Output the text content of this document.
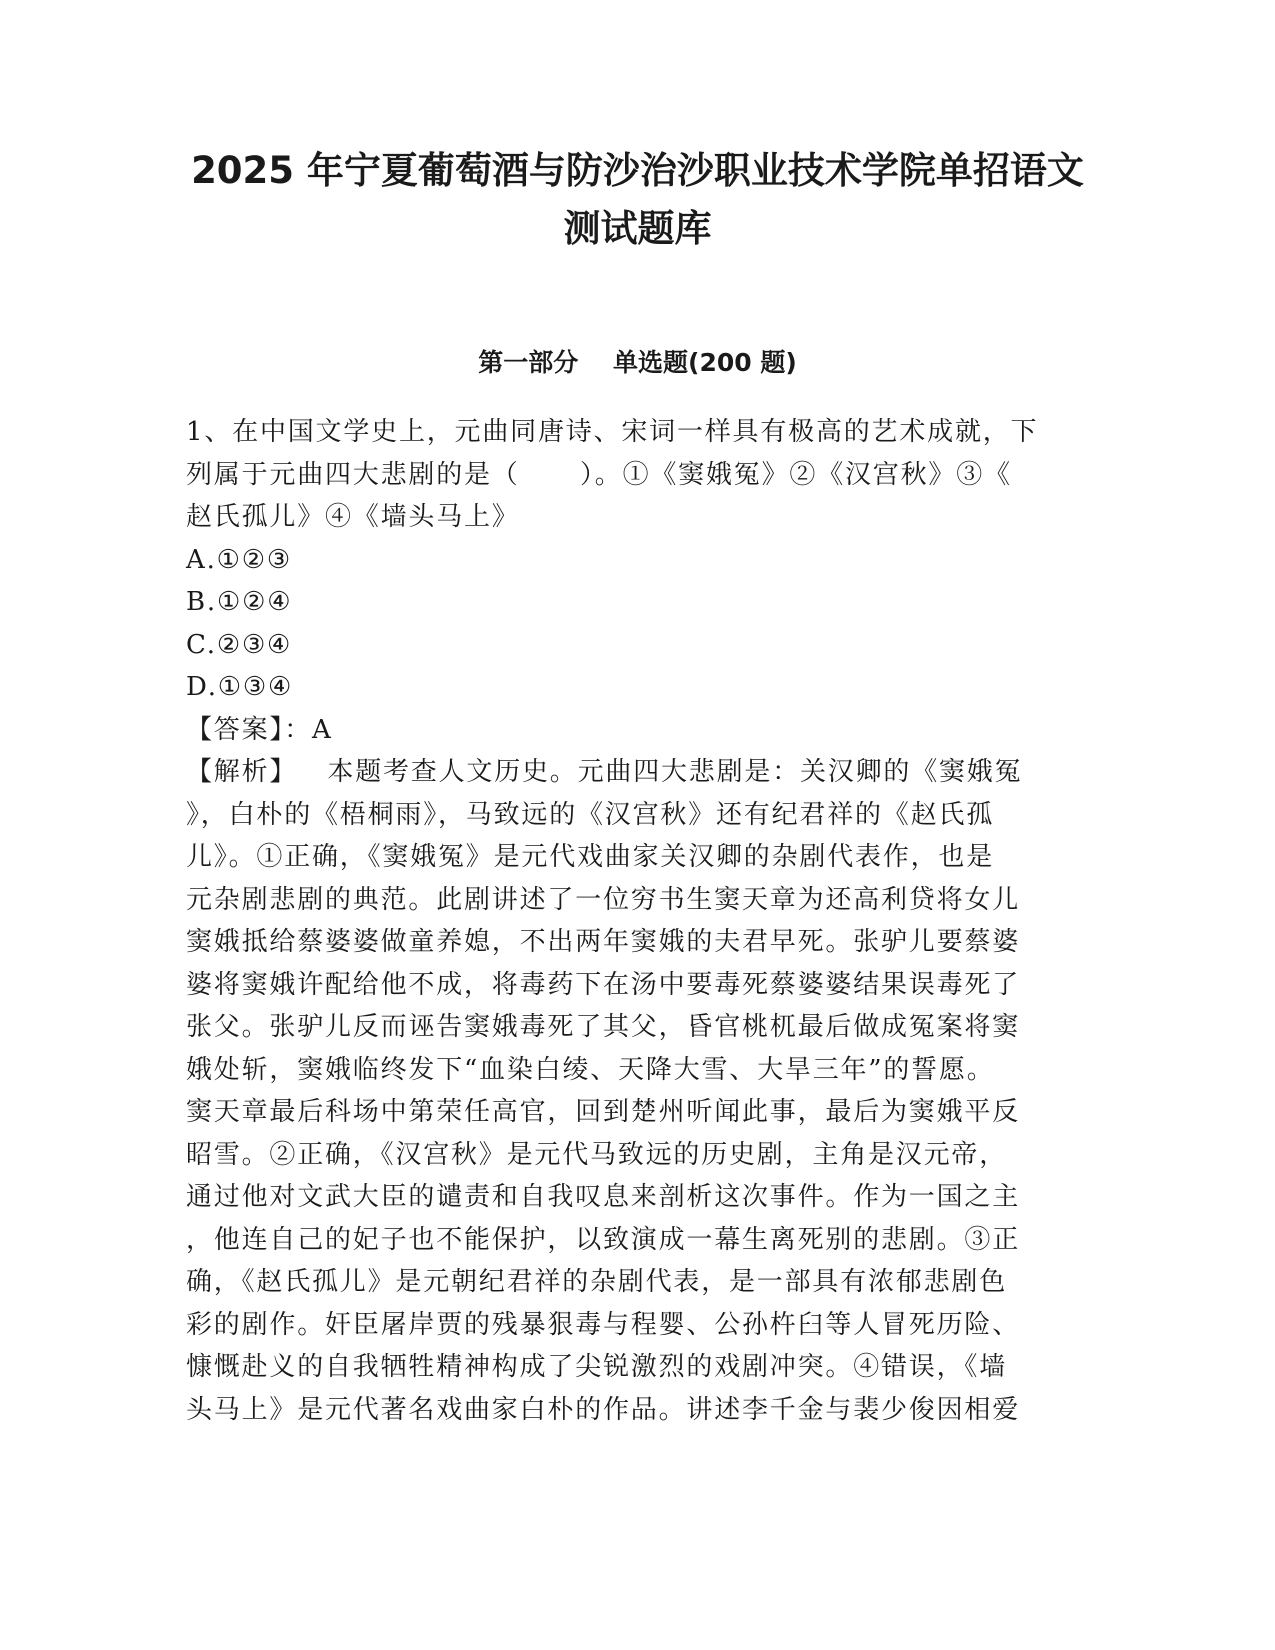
2025 年宁夏葡萄酒与防沙治沙职业技术学院单招语文
测试题库
第一部分    单选题(200 题)
1、在中国文学史上，元曲同唐诗、宋词一样具有极高的艺术成就，下
列属于元曲四大悲剧的是（      ）。①《窦娥冤》②《汉宫秋》③《
赵氏孤儿》④《墙头马上》
A.①②③
B.①②④
C.②③④
D.①③④
【答案】：A
【解析】   本题考查人文历史。元曲四大悲剧是：关汉卿的《窦娥冤
》，白朴的《梧桐雨》，马致远的《汉宫秋》还有纪君祥的《赵氏孤
儿》。①正确，《窦娥冤》是元代戏曲家关汉卿的杂剧代表作，也是
元杂剧悲剧的典范。此剧讲述了一位穷书生窦天章为还高利贷将女儿
窦娥抵给蔡婆婆做童养媳，不出两年窦娥的夫君早死。张驴儿要蔡婆
婆将窦娥许配给他不成，将毒药下在汤中要毒死蔡婆婆结果误毒死了
张父。张驴儿反而诬告窦娥毒死了其父，昏官桃杌最后做成冤案将窦
娥处斩，窦娥临终发下“血染白绫、天降大雪、大旱三年”的誓愿。
窦天章最后科场中第荣任高官，回到楚州听闻此事，最后为窦娥平反
昭雪。②正确，《汉宫秋》是元代马致远的历史剧，主角是汉元帝，
通过他对文武大臣的谴责和自我叹息来剖析这次事件。作为一国之主
，他连自己的妃子也不能保护，以致演成一幕生离死别的悲剧。③正
确，《赵氏孤儿》是元朝纪君祥的杂剧代表，是一部具有浓郁悲剧色
彩的剧作。奸臣屠岸贾的残暴狠毒与程婴、公孙杵臼等人冒死历险、
慷慨赴义的自我牺牲精神构成了尖锐激烈的戏剧冲突。④错误，《墙
头马上》是元代著名戏曲家白朴的作品。讲述李千金与裴少俊因相爱
